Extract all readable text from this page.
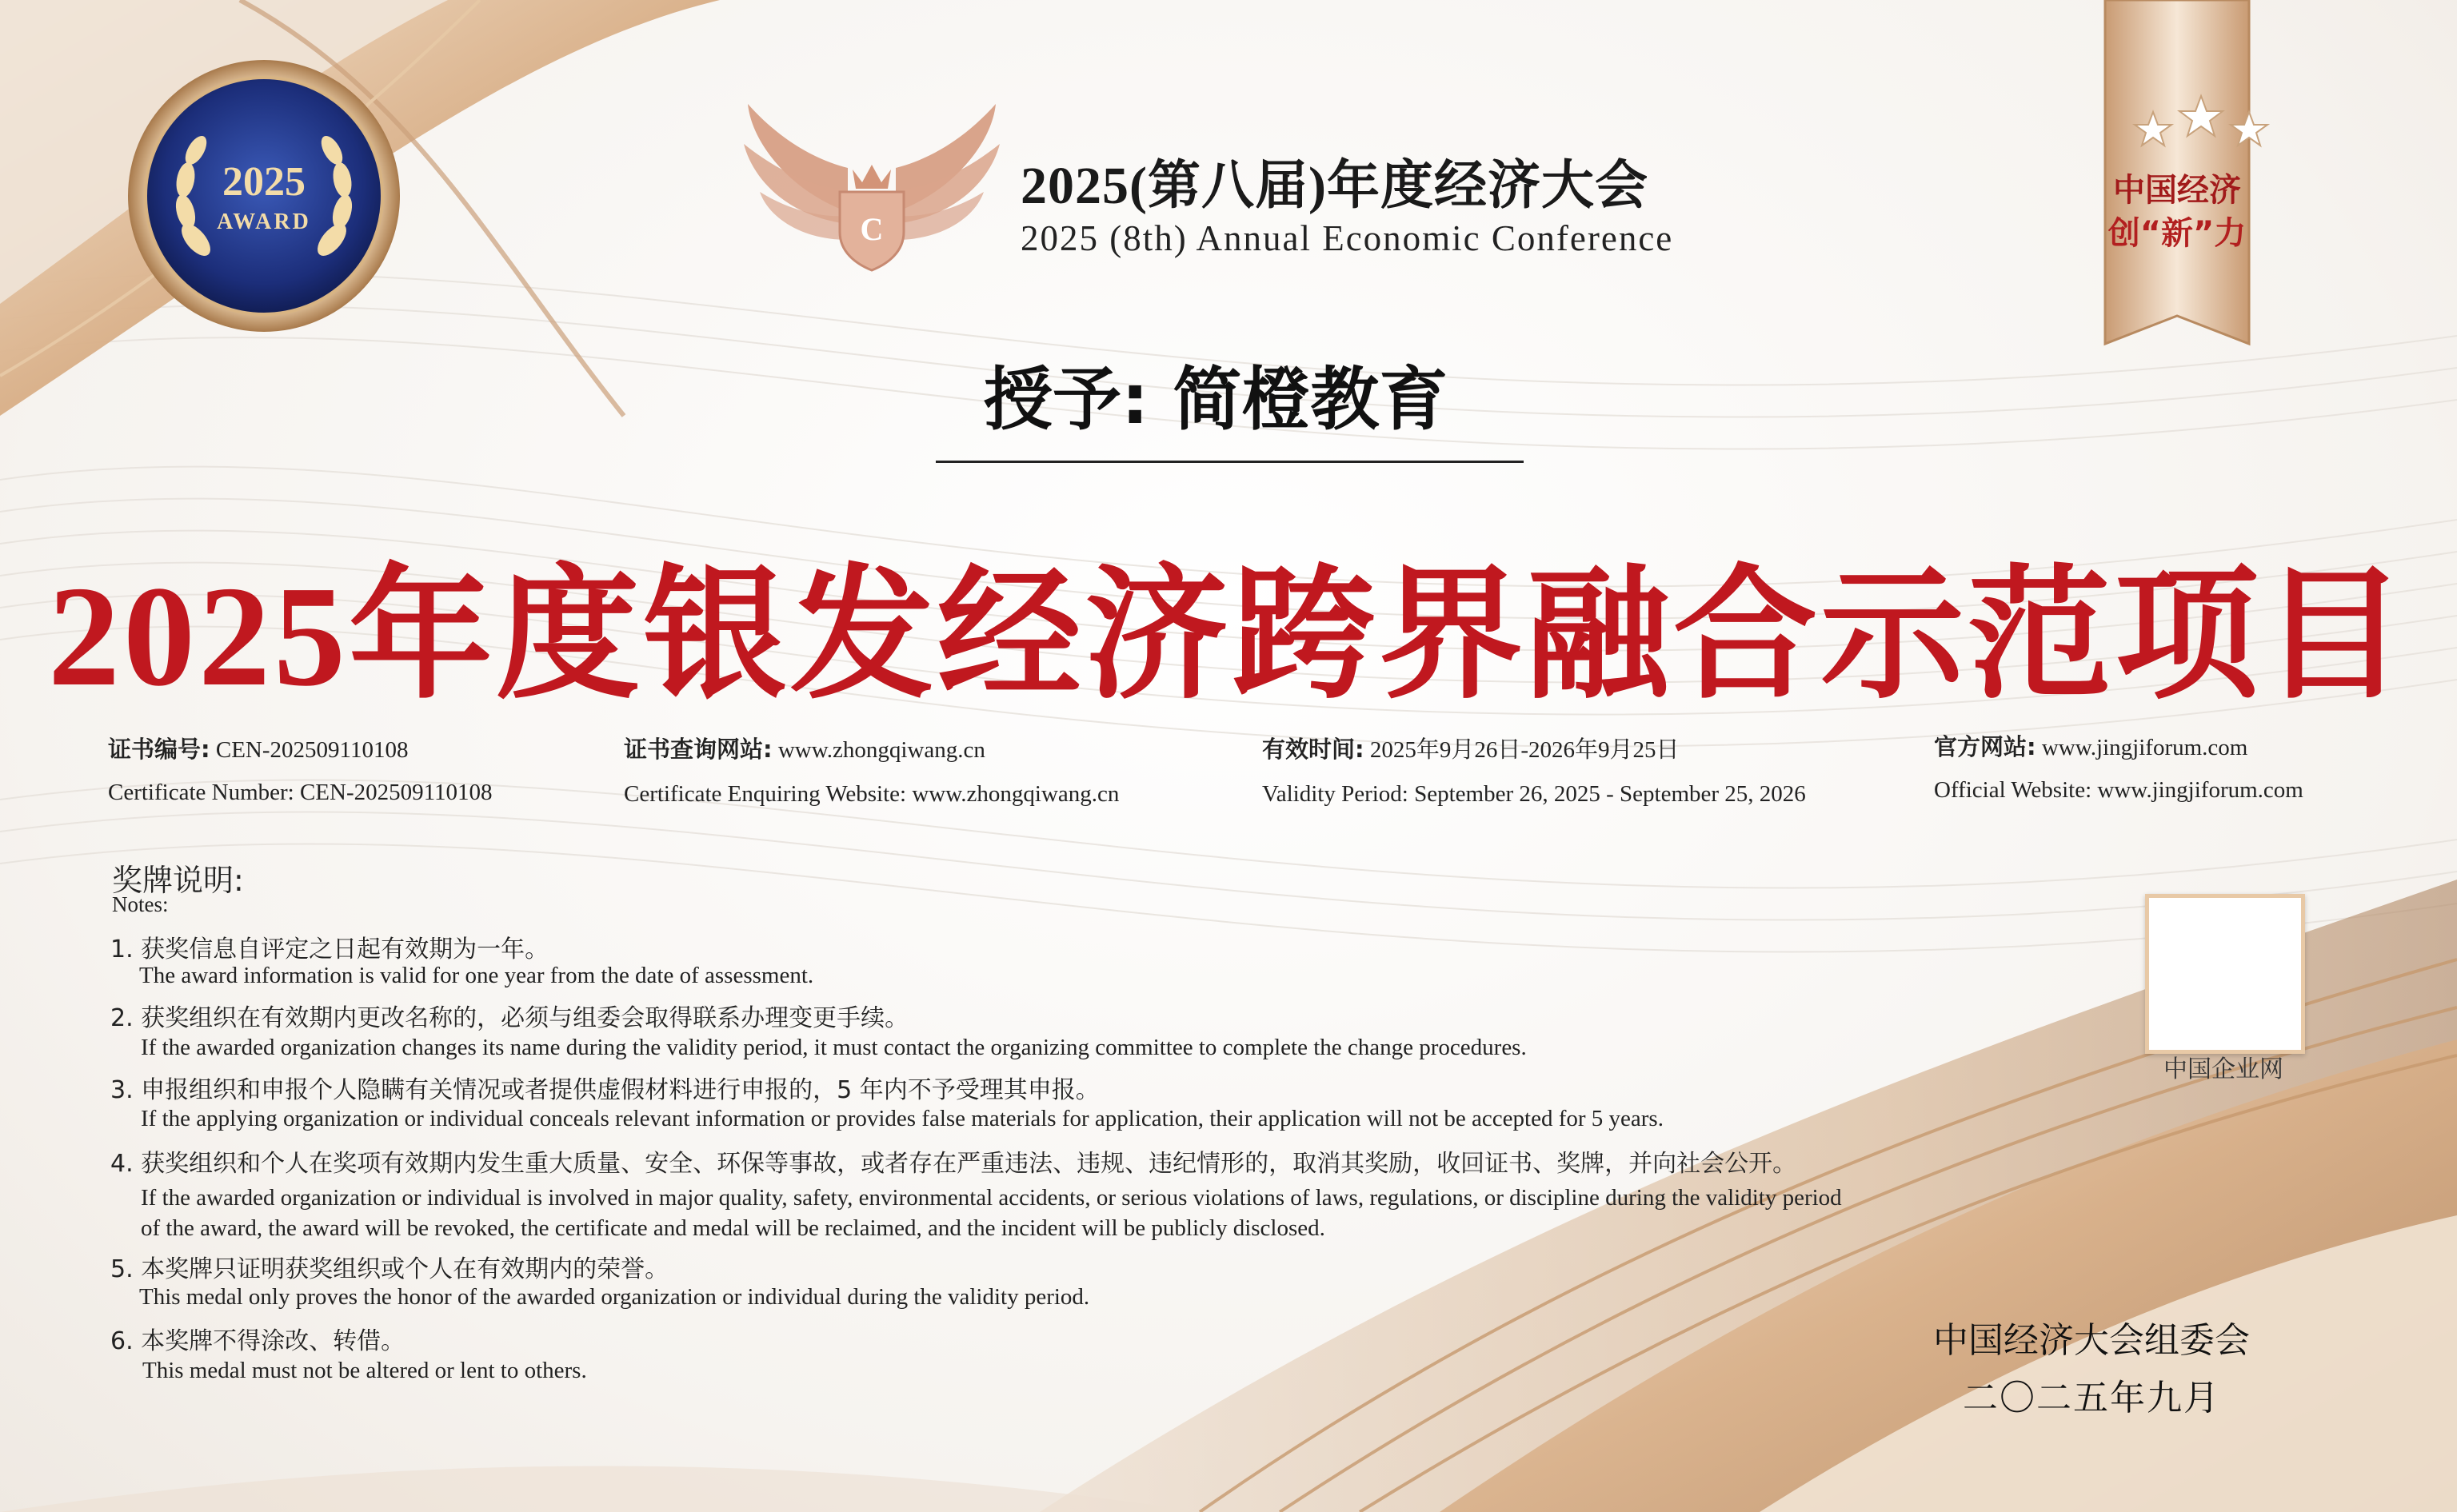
C
2025
AWARD
中国经济
创“新”力
2025(第八届)年度经济大会
2025 (8th) Annual Economic Conference
授予: 简橙教育
2025年度银发经济跨界融合示范项目
证书编号: CEN-202509110108
Certificate Number: CEN-202509110108
证书查询网站: www.zhongqiwang.cn
Certificate Enquiring Website: www.zhongqiwang.cn
有效时间: 2025年9月26日-2026年9月25日
Validity Period: September 26, 2025 - September 25, 2026
官方网站: www.jingjiforum.com
Official Website: www.jingjiforum.com
奖牌说明:
Notes:
1. 获奖信息自评定之日起有效期为一年。
The award information is valid for one year from the date of assessment.
2. 获奖组织在有效期内更改名称的，必须与组委会取得联系办理变更手续。
If the awarded organization changes its name during the validity period, it must contact the organizing committee to complete the change procedures.
3. 申报组织和申报个人隐瞒有关情况或者提供虚假材料进行申报的，5 年内不予受理其申报。
If the applying organization or individual conceals relevant information or provides false materials for application, their application will not be accepted for 5 years.
4. 获奖组织和个人在奖项有效期内发生重大质量、安全、环保等事故，或者存在严重违法、违规、违纪情形的，取消其奖励，收回证书、奖牌，并向社会公开。
If the awarded organization or individual is involved in major quality, safety, environmental accidents, or serious violations of laws, regulations, or discipline during the validity period
of the award, the award will be revoked, the certificate and medal will be reclaimed, and the incident will be publicly disclosed.
5. 本奖牌只证明获奖组织或个人在有效期内的荣誉。
This medal only proves the honor of the awarded organization or individual during the validity period.
6. 本奖牌不得涂改、转借。
This medal must not be altered or lent to others.
中国企业网
中国经济大会组委会
二〇二五年九月
